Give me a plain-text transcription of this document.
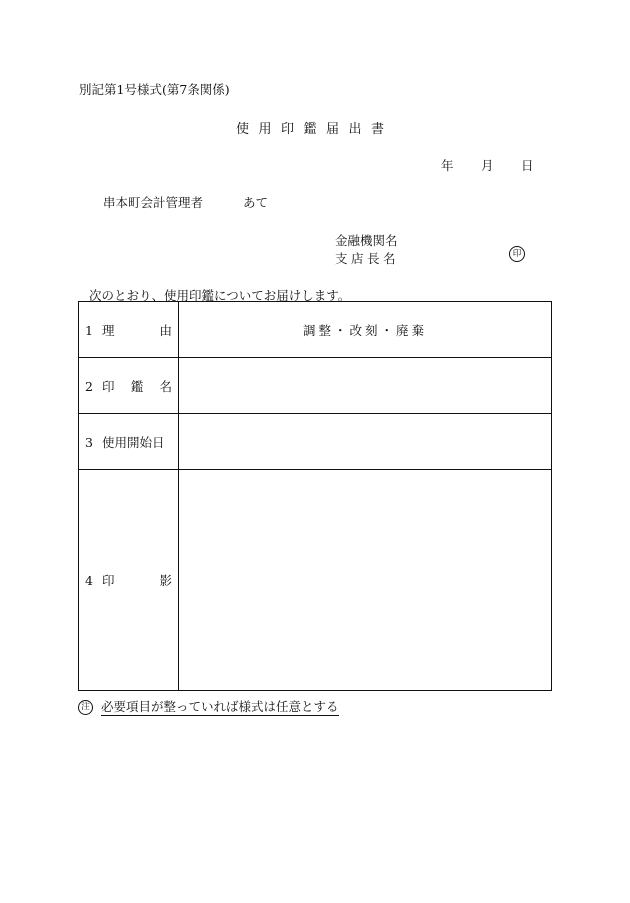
別記第1号様式(第7条関係)
使用印鑑届出書
年 月 日
串本町会計管理者	あて
金融機関名
支店長名	印
次のとおり、使用印鑑についてお届けします。
1 理 由	調整・改刻・廃棄

2 印 鑑 名	

3 使用開始日	

4 印 影	

注 必要項目が整っていれば様式は任意とする
